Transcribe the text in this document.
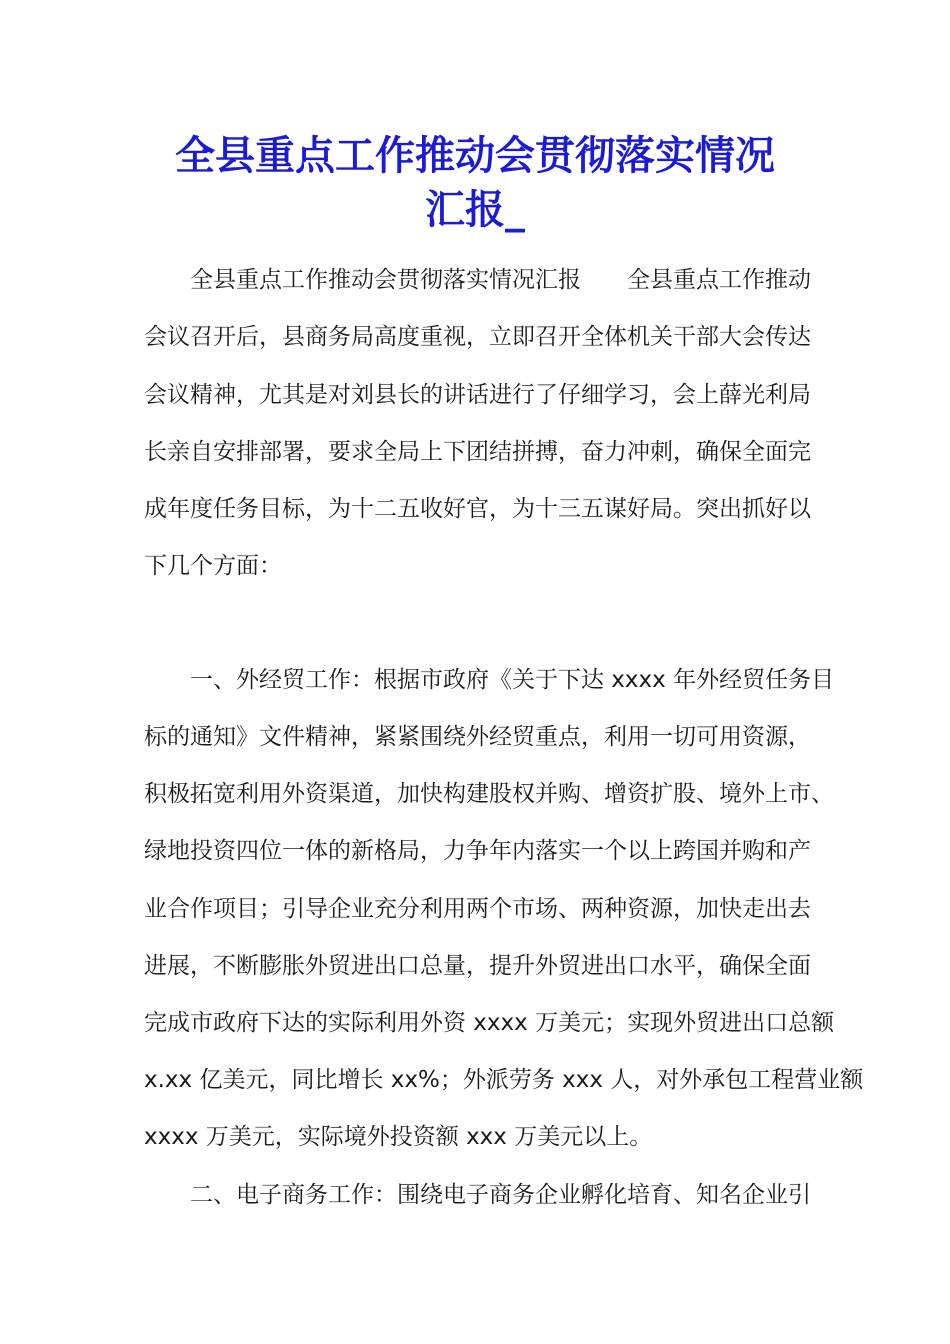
全县重点工作推动会贯彻落实情况
汇报_

全县重点工作推动会贯彻落实情况汇报　　全县重点工作推动

会议召开后，县商务局高度重视，立即召开全体机关干部大会传达

会议精神，尤其是对刘县长的讲话进行了仔细学习，会上薛光利局

长亲自安排部署，要求全局上下团结拼搏，奋力冲刺，确保全面完

成年度任务目标，为十二五收好官，为十三五谋好局。突出抓好以

下几个方面：

一、外经贸工作：根据市政府《关于下达 xxxx 年外经贸任务目

标的通知》文件精神，紧紧围绕外经贸重点，利用一切可用资源，

积极拓宽利用外资渠道，加快构建股权并购、增资扩股、境外上市、

绿地投资四位一体的新格局，力争年内落实一个以上跨国并购和产

业合作项目；引导企业充分利用两个市场、两种资源，加快走出去

进展，不断膨胀外贸进出口总量，提升外贸进出口水平，确保全面

完成市政府下达的实际利用外资 xxxx 万美元；实现外贸进出口总额

x.xx 亿美元，同比增长 xx%；外派劳务 xxx 人，对外承包工程营业额

xxxx 万美元，实际境外投资额 xxx 万美元以上。

二、电子商务工作：围绕电子商务企业孵化培育、知名企业引
